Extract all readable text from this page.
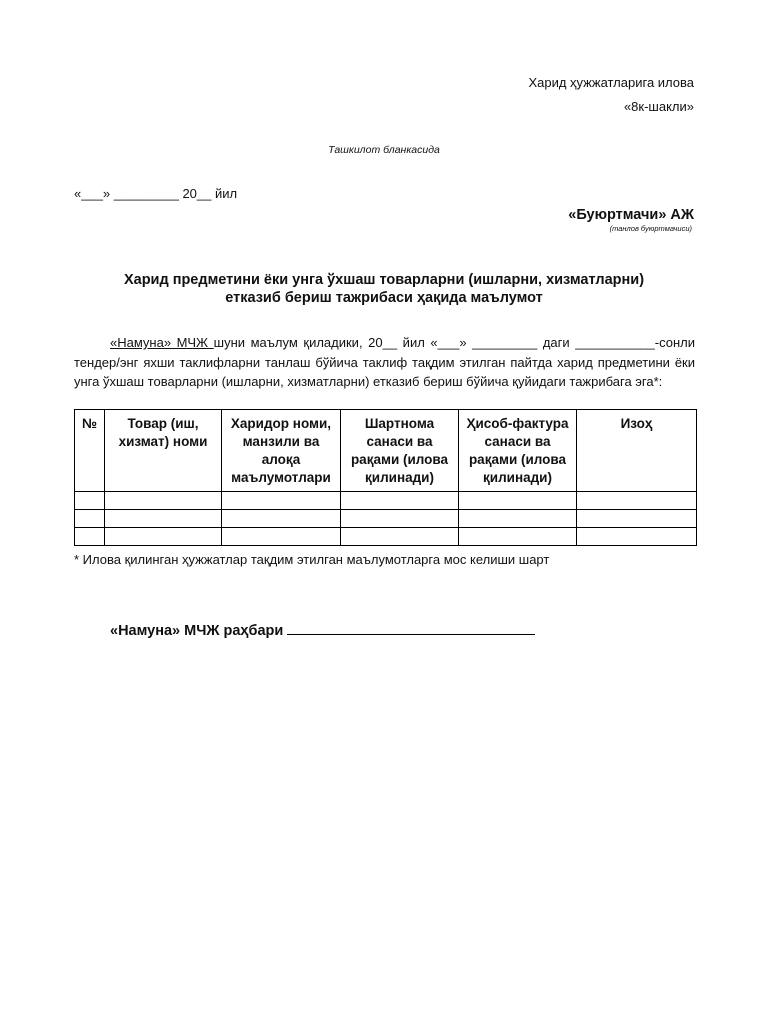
Харид ҳужжатларига илова
«8к-шакли»
Ташкилот бланкасида
«___» _________ 20__ йил
«Буюртмачи» АЖ
(танлов буюртмачиси)
Харид предметини ёки унга ўхшаш товарларни (ишларни, хизматларни)
етказиб бериш тажрибаси ҳақида маълумот

«Намуна» МЧЖ шуни маълум қиладики, 20__ йил «___» _________ даги ___________-сонли тендер/энг яхши таклифларни танлаш бўйича таклиф тақдим этилган пайтда харид предметини ёки унга ўхшаш товарларни (ишларни, хизматларни) етказиб бериш бўйича қуйидаги тажрибага эга*:

№	Товар (иш, хизмат) номи	Харидор номи, манзили ва алоқа маълумотлари	Шартнома санаси ва рақами (илова қилинади)	Ҳисоб-фактура санаси ва рақами (илова қилинади)	Изоҳ

* Илова қилинган ҳужжатлар тақдим этилган маълумотларга мос келиши шарт
«Намуна» МЧЖ раҳбари
